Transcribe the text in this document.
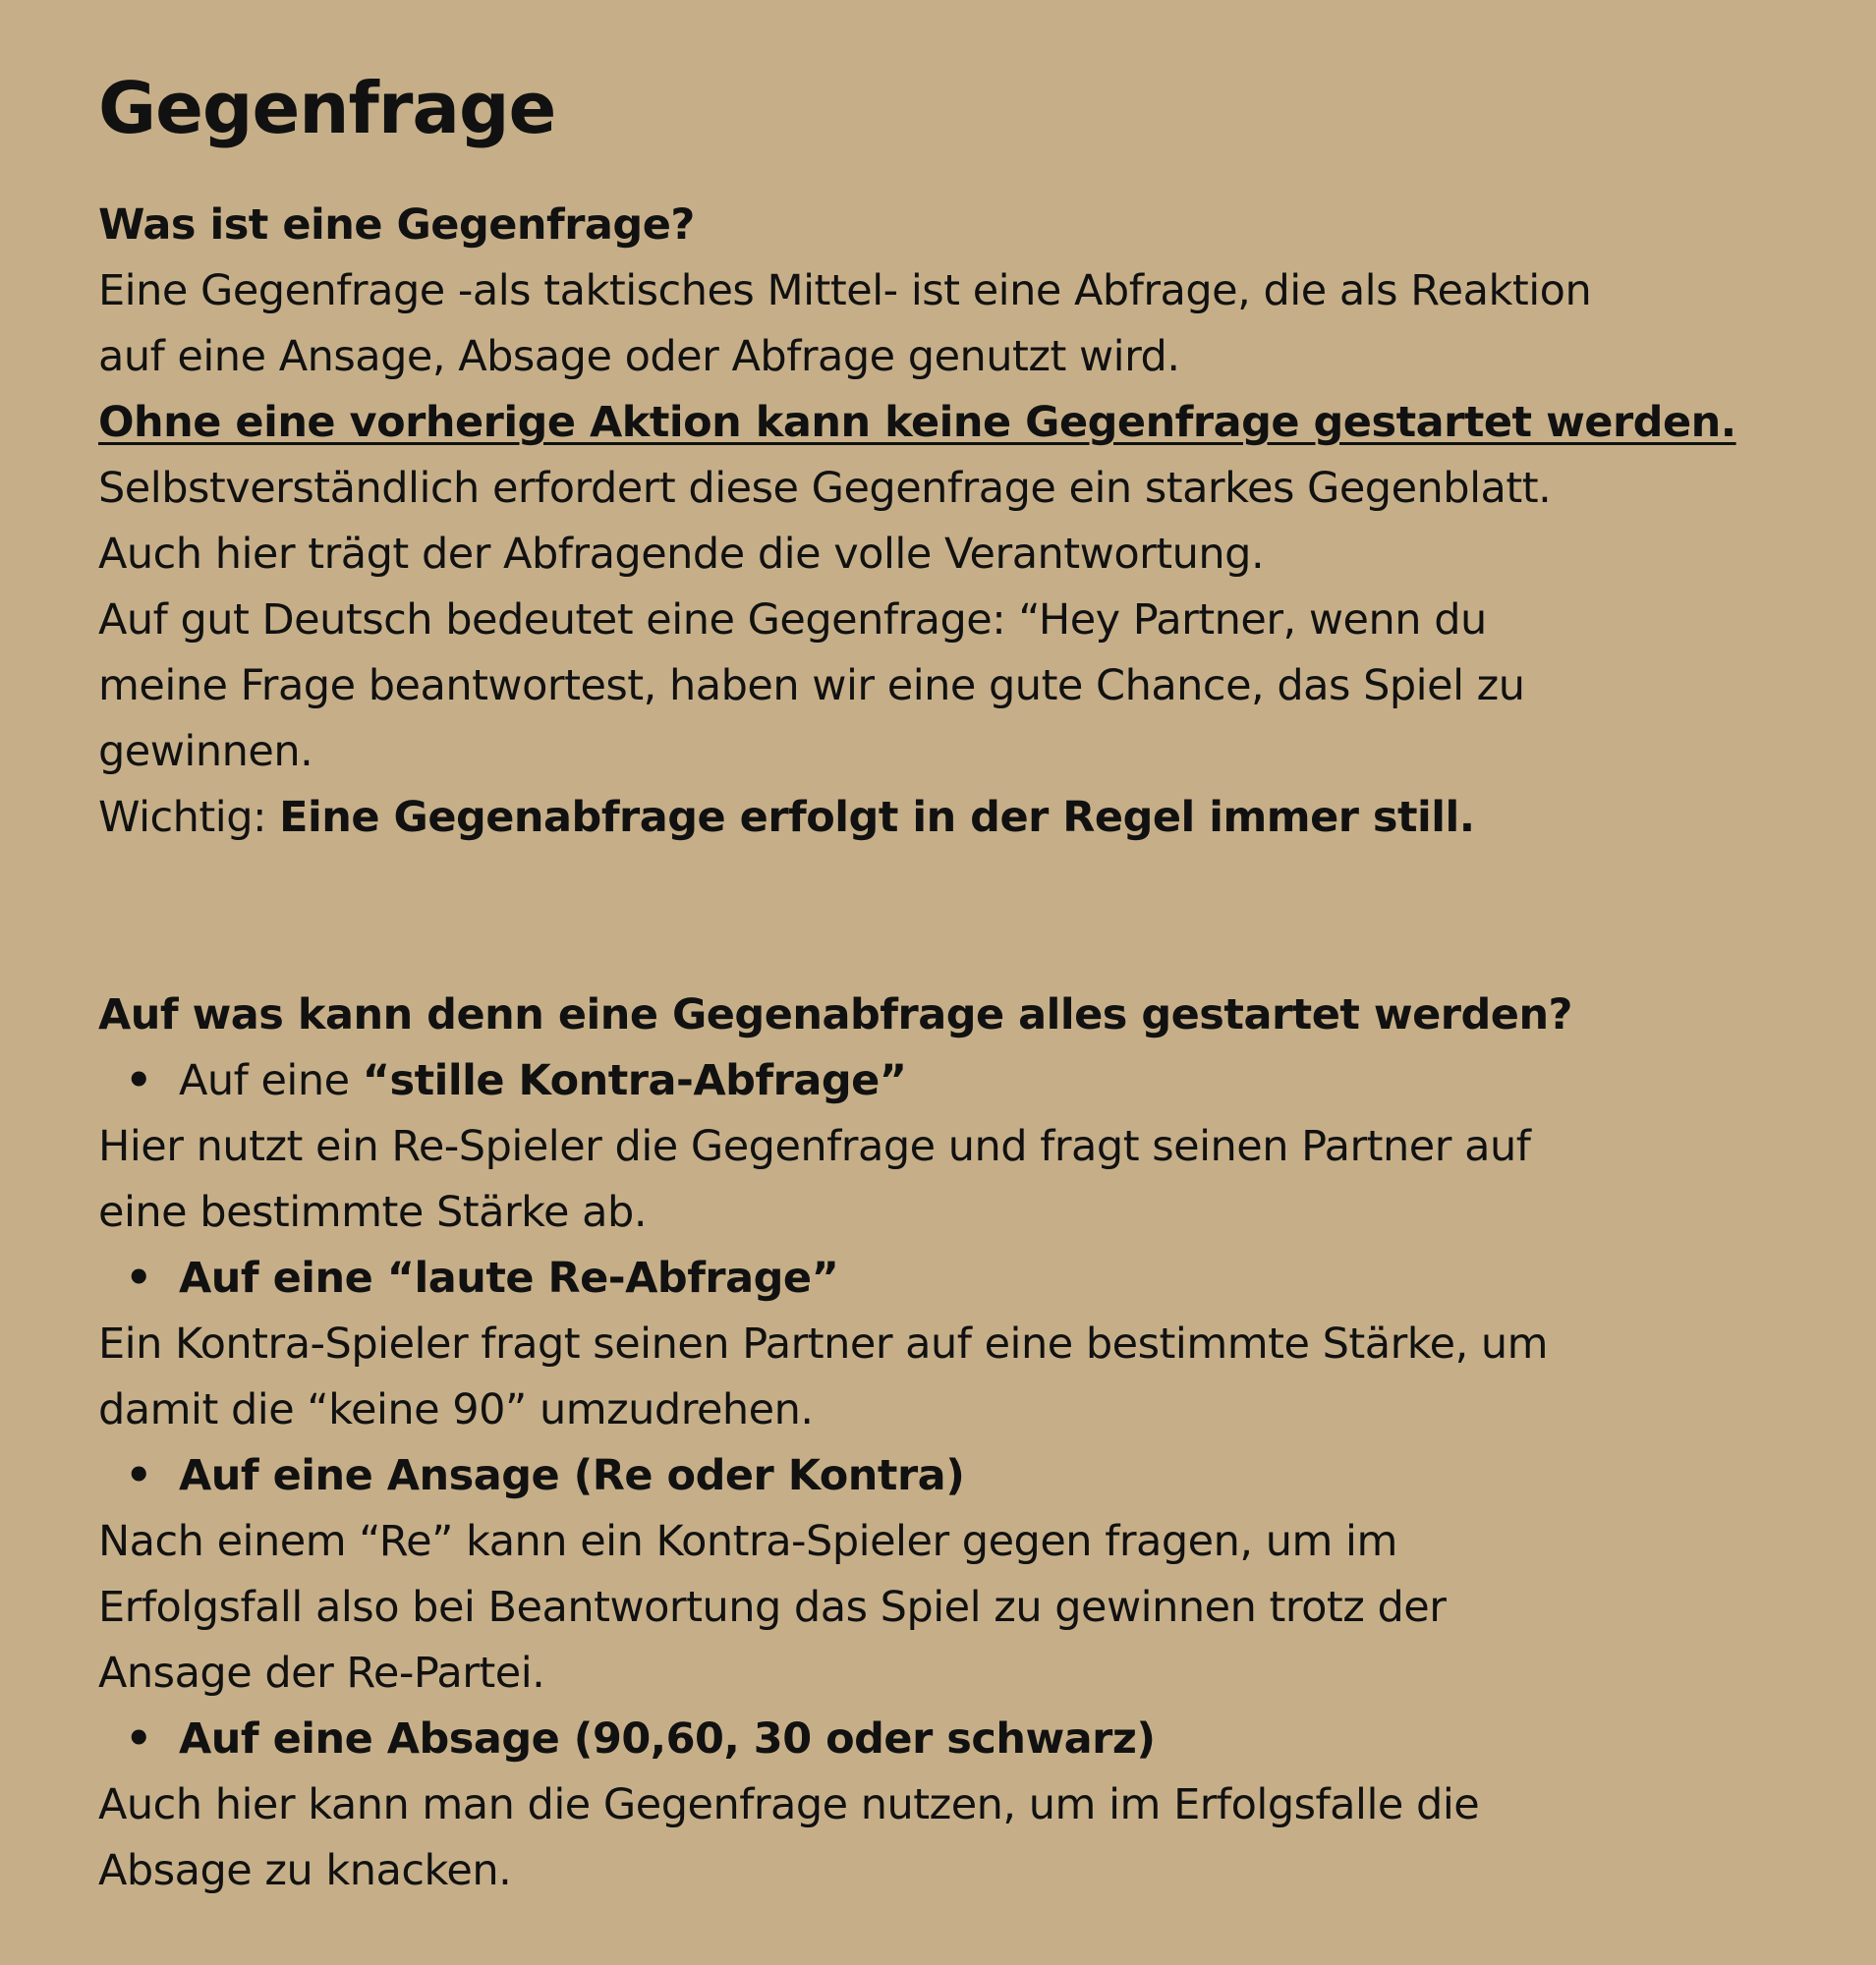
Gegenfrage

Was ist eine Gegenfrage?

Eine Gegenfrage -als taktisches Mittel- ist eine Abfrage, die als Reaktion

auf eine Ansage, Absage oder Abfrage genutzt wird.

Ohne eine vorherige Aktion kann keine Gegenfrage gestartet werden.

Selbstverständlich erfordert diese Gegenfrage ein starkes Gegenblatt.

Auch hier trägt der Abfragende die volle Verantwortung.

Auf gut Deutsch bedeutet eine Gegenfrage: “Hey Partner, wenn du

meine Frage beantwortest, haben wir eine gute Chance, das Spiel zu

gewinnen.

Wichtig: Eine Gegenabfrage erfolgt in der Regel immer still.

Auf was kann denn eine Gegenabfrage alles gestartet werden?

• Auf eine “stille Kontra-Abfrage”

Hier nutzt ein Re-Spieler die Gegenfrage und fragt seinen Partner auf

eine bestimmte Stärke ab.

• Auf eine “laute Re-Abfrage”

Ein Kontra-Spieler fragt seinen Partner auf eine bestimmte Stärke, um

damit die “keine 90” umzudrehen.

• Auf eine Ansage (Re oder Kontra)

Nach einem “Re” kann ein Kontra-Spieler gegen fragen, um im

Erfolgsfall also bei Beantwortung das Spiel zu gewinnen trotz der

Ansage der Re-Partei.

• Auf eine Absage (90,60, 30 oder schwarz)

Auch hier kann man die Gegenfrage nutzen, um im Erfolgsfalle die

Absage zu knacken.
